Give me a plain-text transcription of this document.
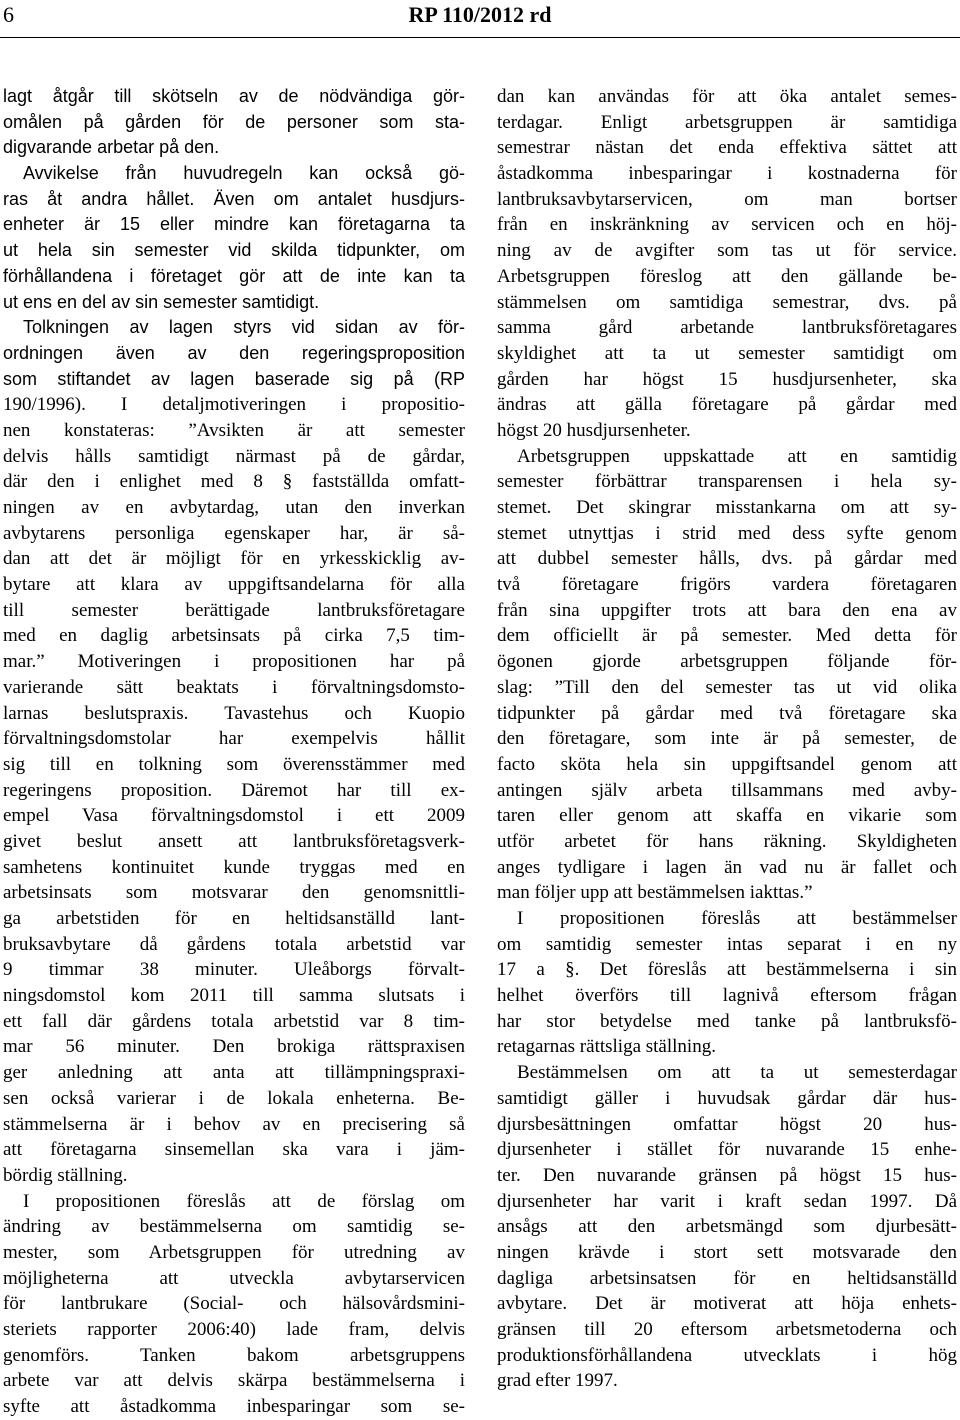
6	RP 110/2012 rd
lagt åtgår till skötseln av de nödvändiga gör-
omålen på gården för de personer som sta-
digvarande arbetar på den.
Avvikelse från huvudregeln kan också gö-
ras åt andra hållet. Även om antalet husdjurs-
enheter är 15 eller mindre kan företagarna ta
ut hela sin semester vid skilda tidpunkter, om
förhållandena i företaget gör att de inte kan ta
ut ens en del av sin semester samtidigt.
Tolkningen av lagen styrs vid sidan av för-
ordningen även av den regeringsproposition
som stiftandet av lagen baserade sig på (RP
190/1996). I detaljmotiveringen i propositio-
nen konstateras: ”Avsikten är att semester
delvis hålls samtidigt närmast på de gårdar,
där den i enlighet med 8 § fastställda omfatt-
ningen av en avbytardag, utan den inverkan
avbytarens personliga egenskaper har, är så-
dan att det är möjligt för en yrkesskicklig av-
bytare att klara av uppgiftsandelarna för alla
till semester berättigade lantbruksföretagare
med en daglig arbetsinsats på cirka 7,5 tim-
mar.” Motiveringen i propositionen har på
varierande sätt beaktats i förvaltningsdomsto-
larnas beslutspraxis. Tavastehus och Kuopio
förvaltningsdomstolar har exempelvis hållit
sig till en tolkning som överensstämmer med
regeringens proposition. Däremot har till ex-
empel Vasa förvaltningsdomstol i ett 2009
givet beslut ansett att lantbruksföretagsverk-
samhetens kontinuitet kunde tryggas med en
arbetsinsats som motsvarar den genomsnittli-
ga arbetstiden för en heltidsanställd lant-
bruksavbytare då gårdens totala arbetstid var
9 timmar 38 minuter. Uleåborgs förvalt-
ningsdomstol kom 2011 till samma slutsats i
ett fall där gårdens totala arbetstid var 8 tim-
mar 56 minuter. Den brokiga rättspraxisen
ger anledning att anta att tillämpningspraxi-
sen också varierar i de lokala enheterna. Be-
stämmelserna är i behov av en precisering så
att företagarna sinsemellan ska vara i jäm-
bördig ställning.
I propositionen föreslås att de förslag om
ändring av bestämmelserna om samtidig se-
mester, som Arbetsgruppen för utredning av
möjligheterna att utveckla avbytarservicen
för lantbrukare (Social- och hälsovårdsmini-
steriets rapporter 2006:40) lade fram, delvis
genomförs. Tanken bakom arbetsgruppens
arbete var att delvis skärpa bestämmelserna i
syfte att åstadkomma inbesparingar som se-
dan kan användas för att öka antalet semes-
terdagar. Enligt arbetsgruppen är samtidiga
semestrar nästan det enda effektiva sättet att
åstadkomma inbesparingar i kostnaderna för
lantbruksavbytarservicen, om man bortser
från en inskränkning av servicen och en höj-
ning av de avgifter som tas ut för service.
Arbetsgruppen föreslog att den gällande be-
stämmelsen om samtidiga semestrar, dvs. på
samma gård arbetande lantbruksföretagares
skyldighet att ta ut semester samtidigt om
gården har högst 15 husdjursenheter, ska
ändras att gälla företagare på gårdar med
högst 20 husdjursenheter.
Arbetsgruppen uppskattade att en samtidig
semester förbättrar transparensen i hela sy-
stemet. Det skingrar misstankarna om att sy-
stemet utnyttjas i strid med dess syfte genom
att dubbel semester hålls, dvs. på gårdar med
två företagare frigörs vardera företagaren
från sina uppgifter trots att bara den ena av
dem officiellt är på semester. Med detta för
ögonen gjorde arbetsgruppen följande för-
slag: ”Till den del semester tas ut vid olika
tidpunkter på gårdar med två företagare ska
den företagare, som inte är på semester, de
facto sköta hela sin uppgiftsandel genom att
antingen själv arbeta tillsammans med avby-
taren eller genom att skaffa en vikarie som
utför arbetet för hans räkning. Skyldigheten
anges tydligare i lagen än vad nu är fallet och
man följer upp att bestämmelsen iakttas.”
I propositionen föreslås att bestämmelser
om samtidig semester intas separat i en ny
17 a §. Det föreslås att bestämmelserna i sin
helhet överförs till lagnivå eftersom frågan
har stor betydelse med tanke på lantbruksfö-
retagarnas rättsliga ställning.
Bestämmelsen om att ta ut semesterdagar
samtidigt gäller i huvudsak gårdar där hus-
djursbesättningen omfattar högst 20 hus-
djursenheter i stället för nuvarande 15 enhe-
ter. Den nuvarande gränsen på högst 15 hus-
djursenheter har varit i kraft sedan 1997. Då
ansågs att den arbetsmängd som djurbesätt-
ningen krävde i stort sett motsvarade den
dagliga arbetsinsatsen för en heltidsanställd
avbytare. Det är motiverat att höja enhets-
gränsen till 20 eftersom arbetsmetoderna och
produktionsförhållandena utvecklats i hög
grad efter 1997.
